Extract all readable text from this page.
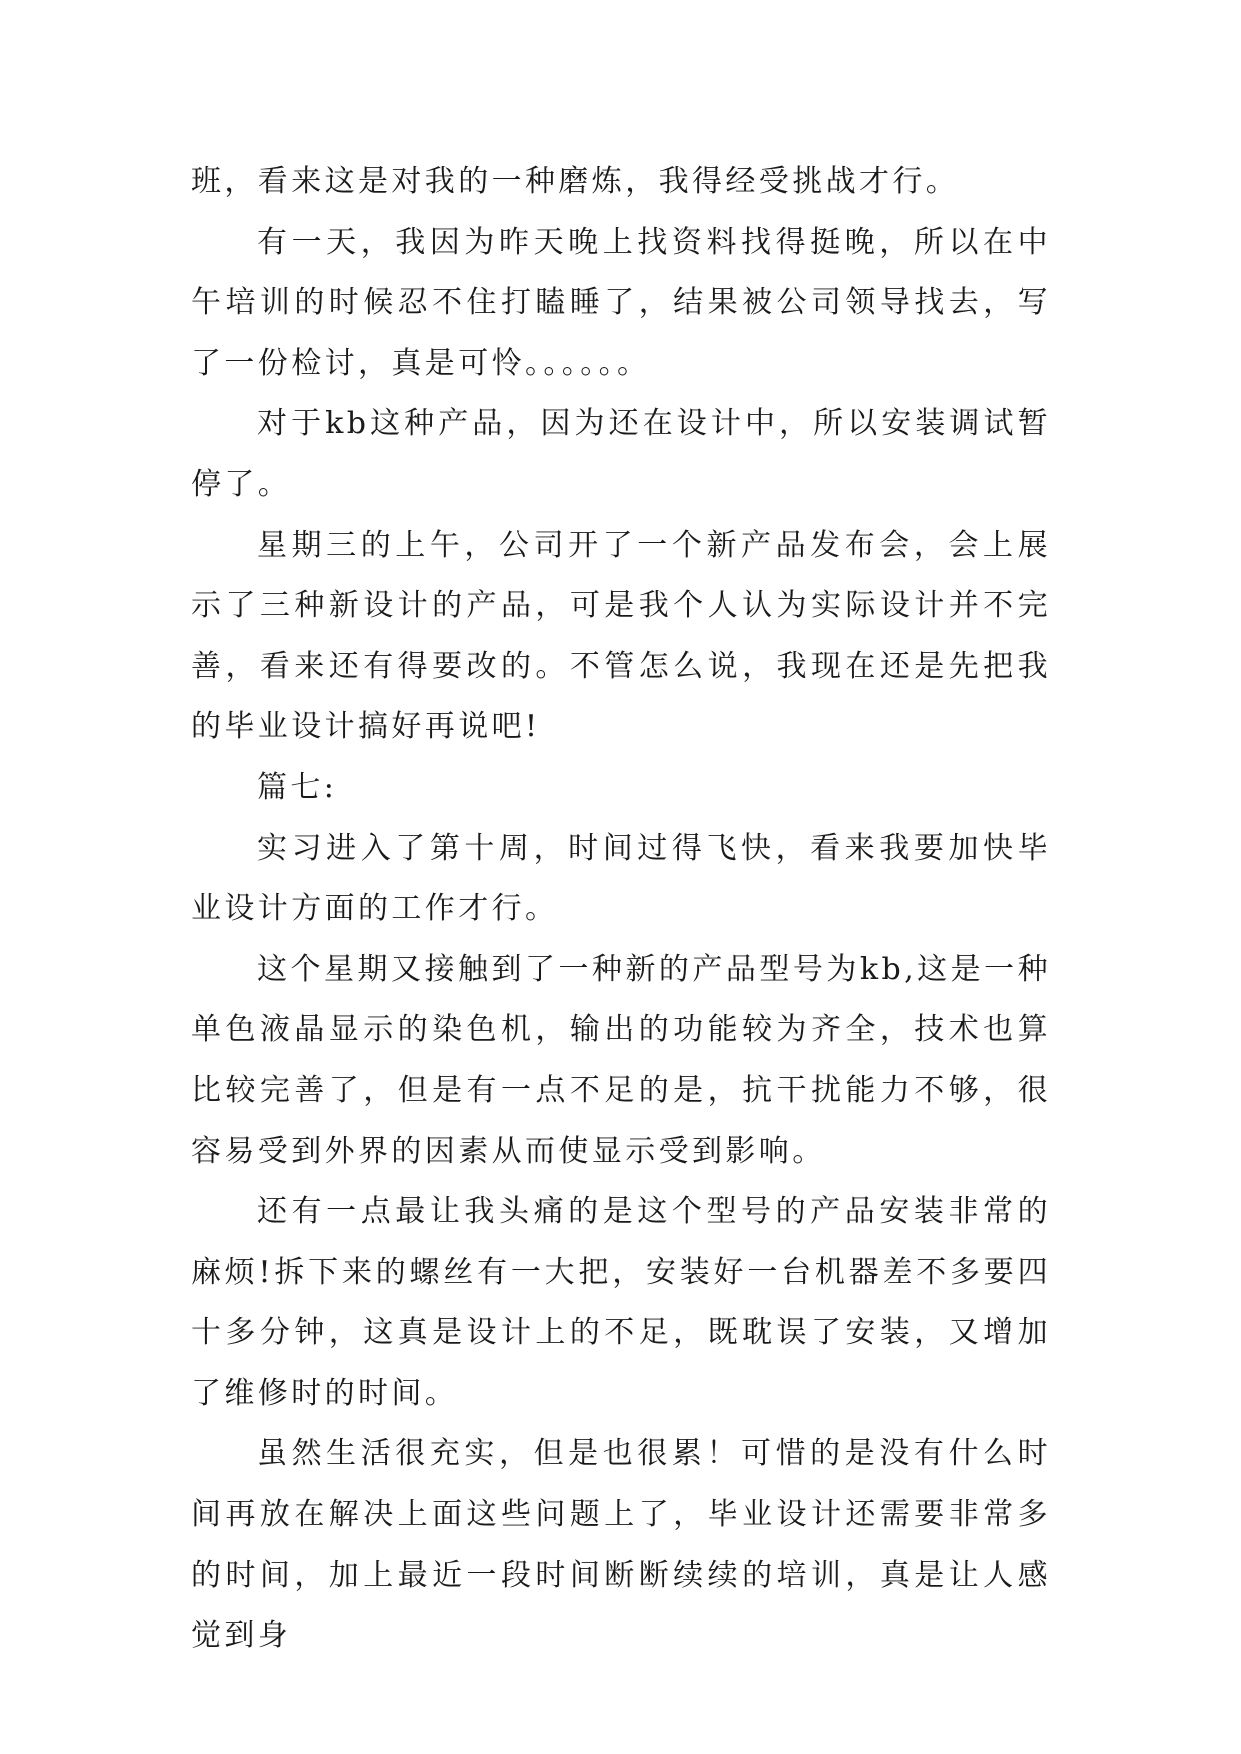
班，看来这是对我的一种磨炼，我得经受挑战才行。

有一天，我因为昨天晚上找资料找得挺晚，所以在中午培训的时候忍不住打瞌睡了，结果被公司领导找去，写了一份检讨，真是可怜。。。。。。

对于kb这种产品，因为还在设计中，所以安装调试暂停了。

星期三的上午，公司开了一个新产品发布会，会上展示了三种新设计的产品，可是我个人认为实际设计并不完善，看来还有得要改的。不管怎么说，我现在还是先把我的毕业设计搞好再说吧!

篇七:

实习进入了第十周，时间过得飞快，看来我要加快毕业设计方面的工作才行。

这个星期又接触到了一种新的产品型号为kb,这是一种单色液晶显示的染色机，输出的功能较为齐全，技术也算比较完善了，但是有一点不足的是，抗干扰能力不够，很容易受到外界的因素从而使显示受到影响。

还有一点最让我头痛的是这个型号的产品安装非常的麻烦!拆下来的螺丝有一大把，安装好一台机器差不多要四十多分钟，这真是设计上的不足，既耽误了安装，又增加了维修时的时间。

虽然生活很充实，但是也很累！可惜的是没有什么时间再放在解决上面这些问题上了，毕业设计还需要非常多的时间，加上最近一段时间断断续续的培训，真是让人感觉到身
